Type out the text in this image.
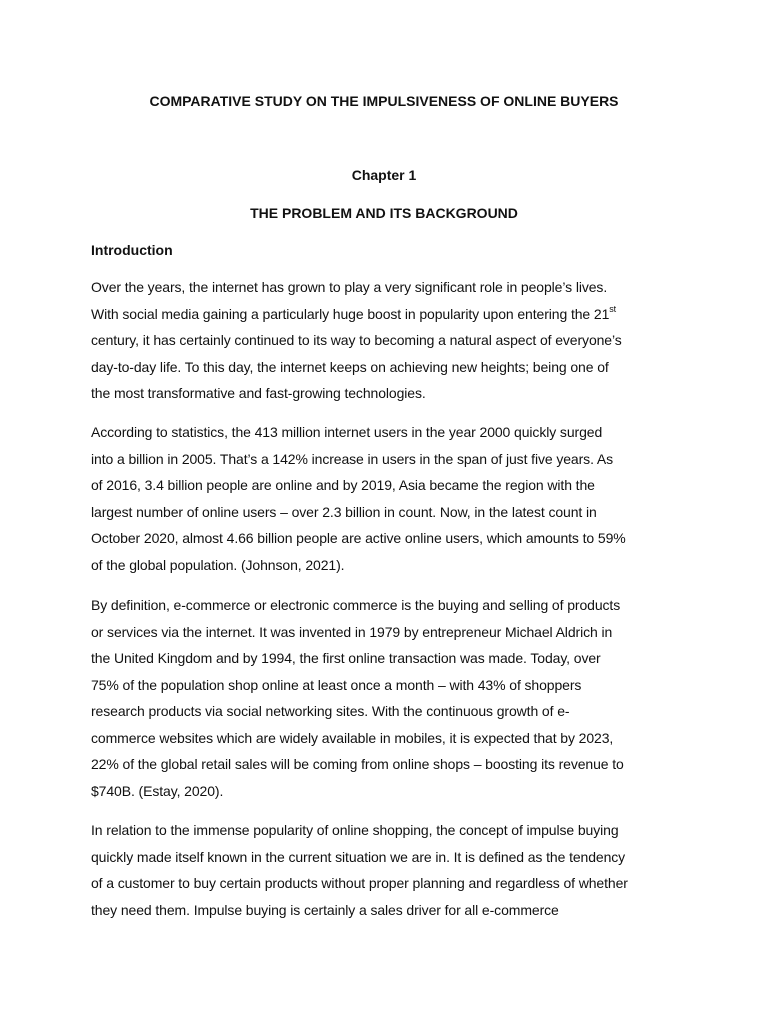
COMPARATIVE STUDY ON THE IMPULSIVENESS OF ONLINE BUYERS
Chapter 1
THE PROBLEM AND ITS BACKGROUND
Introduction

Over the years, the internet has grown to play a very significant role in people’s lives.
With social media gaining a particularly huge boost in popularity upon entering the 21st
century, it has certainly continued to its way to becoming a natural aspect of everyone’s
day-to-day life. To this day, the internet keeps on achieving new heights; being one of
the most transformative and fast-growing technologies.

According to statistics, the 413 million internet users in the year 2000 quickly surged
into a billion in 2005. That’s a 142% increase in users in the span of just five years. As
of 2016, 3.4 billion people are online and by 2019, Asia became the region with the
largest number of online users – over 2.3 billion in count. Now, in the latest count in
October 2020, almost 4.66 billion people are active online users, which amounts to 59%
of the global population. (Johnson, 2021).

By definition, e-commerce or electronic commerce is the buying and selling of products
or services via the internet. It was invented in 1979 by entrepreneur Michael Aldrich in
the United Kingdom and by 1994, the first online transaction was made. Today, over
75% of the population shop online at least once a month – with 43% of shoppers
research products via social networking sites. With the continuous growth of e-
commerce websites which are widely available in mobiles, it is expected that by 2023,
22% of the global retail sales will be coming from online shops – boosting its revenue to
$740B. (Estay, 2020).

In relation to the immense popularity of online shopping, the concept of impulse buying
quickly made itself known in the current situation we are in. It is defined as the tendency
of a customer to buy certain products without proper planning and regardless of whether
they need them. Impulse buying is certainly a sales driver for all e-commerce
